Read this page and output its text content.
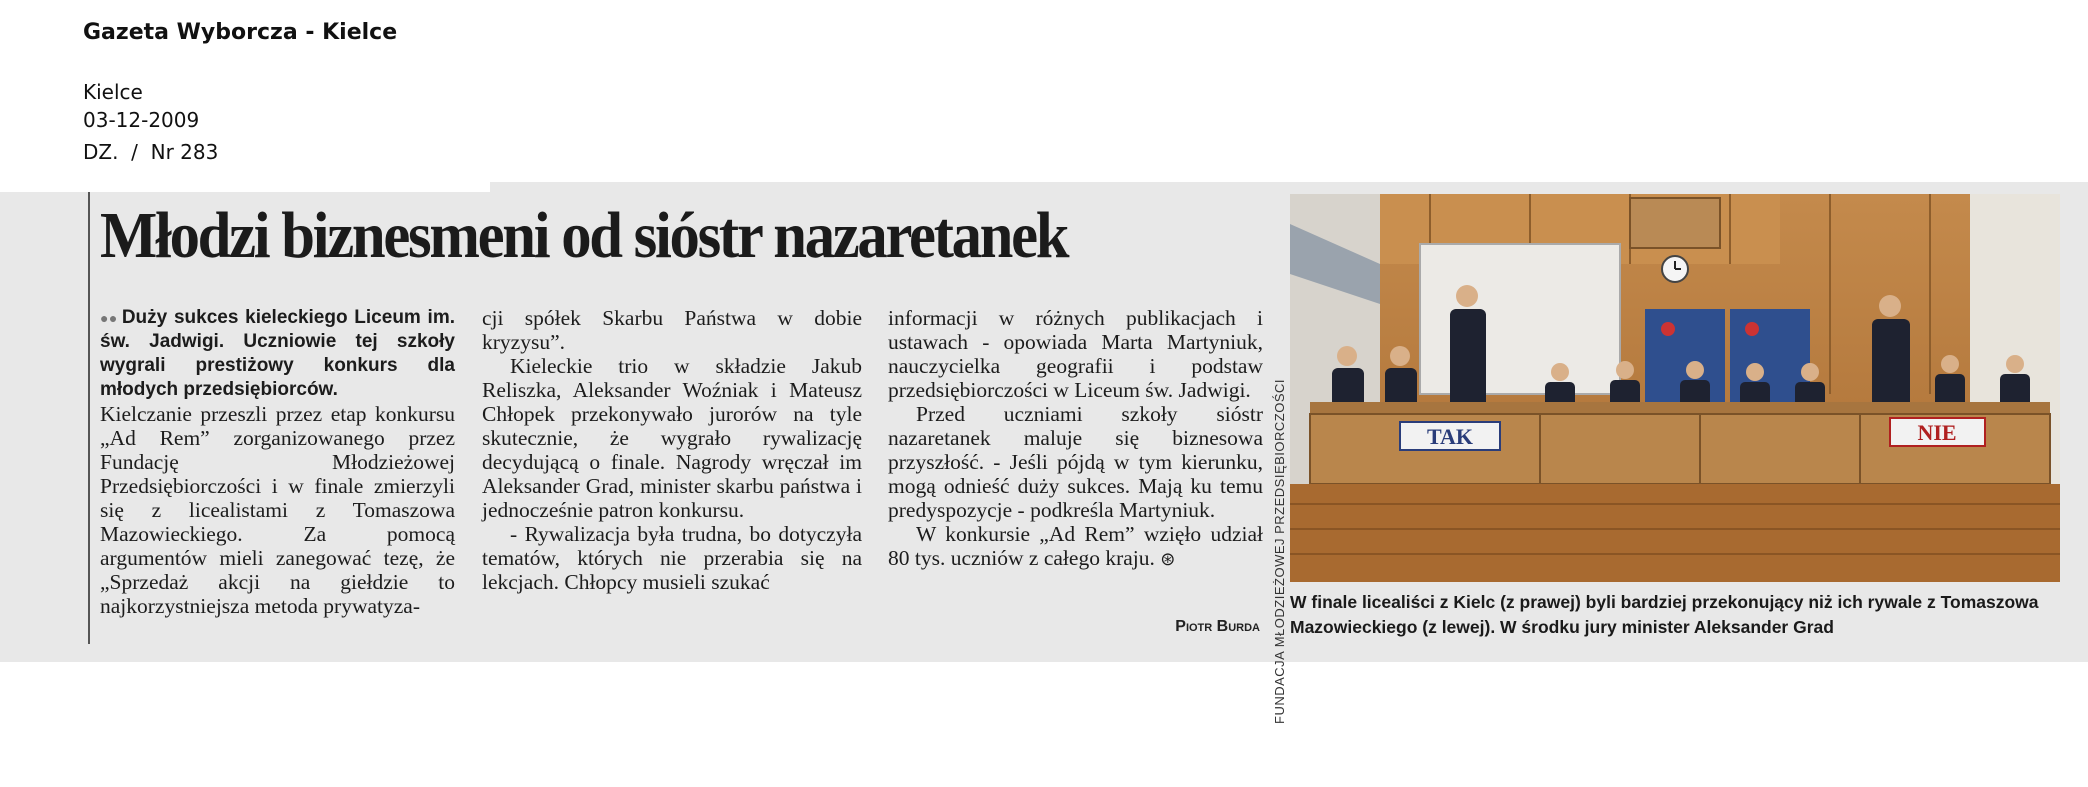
Gazeta Wyborcza - Kielce
Kielce
03-12-2009
DZ.  /  Nr 283
Młodzi biznesmeni od sióstr nazaretanek

●● Duży sukces kieleckiego Liceum im. św. Jadwigi. Uczniowie tej szkoły wygrali prestiżowy konkurs dla młodych przedsiębiorców.

Kielczanie przeszli przez etap konkursu „Ad Rem” zorganizowanego przez Fundację Młodzieżowej Przedsiębiorczości i w finale zmierzyli się z licealistami z Tomaszowa Mazowieckiego. Za pomocą argumentów mieli zanegować tezę, że „Sprzedaż akcji na giełdzie to najkorzystniejsza metoda prywatyza-

cji spółek Skarbu Państwa w dobie kryzysu”.

Kieleckie trio w składzie Jakub Reliszka, Aleksander Woźniak i Mateusz Chłopek przekonywało jurorów na tyle skutecznie, że wygrało rywalizację decydującą o finale. Nagrody wręczał im Aleksander Grad, minister skarbu państwa i jednocześnie patron konkursu.

- Rywalizacja była trudna, bo dotyczyła tematów, których nie przerabia się na lekcjach. Chłopcy musieli szukać

informacji w różnych publikacjach i ustawach - opowiada Marta Martyniuk, nauczycielka geografii i podstaw przedsiębiorczości w Liceum św. Jadwigi.

Przed uczniami szkoły sióstr nazaretanek maluje się biznesowa przyszłość. - Jeśli pójdą w tym kierunku, mogą odnieść duży sukces. Mają ku temu predyspozycje - podkreśla Martyniuk.

W konkursie „Ad Rem” wzięło udział 80 tys. uczniów z całego kraju. ⊛

Piotr Burda FUNDACJA MŁODZIEŻOWEJ PRZEDSIĘBIORCZOŚCI	TAK	NIE
W finale licealiści z Kielc (z prawej) byli bardziej przekonujący niż ich rywale z Tomaszowa Mazowieckiego (z lewej). W środku jury minister Aleksander Grad
